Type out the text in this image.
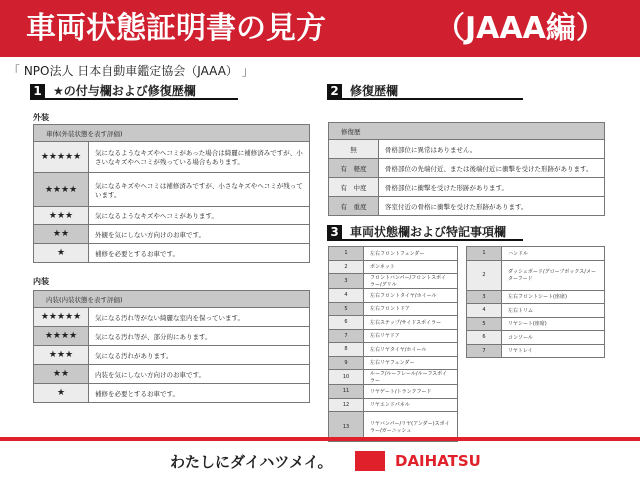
車両状態証明書の見方	（JAAA編）
「 NPO法人 日本自動車鑑定協会（JAAA） 」
1 ★の付与欄および修復歴欄	2 修復歴欄
3 車両状態欄および特記事項欄
外装
車体(外装状態を表す評価)	
★★★★★	気になるようなキズやヘコミがあった場合は綺麗に補修済みですが、小さいなキズやヘコミが残っている場合もあります。
★★★★	気になるキズやヘコミは補修済みですが、小さなキズやヘコミが残っています。
★★★	気になるようなキズやヘコミがあります。
★★	外観を気にしない方向けのお車です。
★	補修を必要とするお車です。
内装
内装(内装状態を表す評価)	
★★★★★	気になる汚れ等がない綺麗な室内を保っています。
★★★★	気になる汚れ等が、部分的にあります。
★★★	気になる汚れがあります。
★★	内装を気にしない方向けのお車です。
★	補修を必要とするお車です。
修復歴	
無	骨格部位に異常はありません。
有　軽度	骨格部位の先端付近、または後端付近に衝撃を受けた形跡があります。
有　中度	骨格部位に衝撃を受けた形跡があります。
有　重度	客室付近の骨格に衝撃を受けた形跡があります。
1	左右フロントフェンダー
2	ボンネット
3	フロントバンパー/フロントスポイラー/グリル
4	左右フロントタイヤ/ホイール
5	左右フロントドア
6	左右ステップ/サイドスポイラー
7	左右リヤドア
8	左右リヤタイヤ/ホイール
9	左右リヤフェンダー
10	ルーフ/ルーフレール/ルーフスポイラー
11	リヤゲート/トランクフード
12	リヤエンドパネル
13	リヤバンパー/リヤ(アンダー)スポイラー/ガーニッシュ
1	ハンドル
2	ダッシュボード/グローブボックス/メーターフード
3	左右フロントシート(座席)
4	左右トリム
5	リヤシート(座席)
6	コンソール
7	リヤトレイ
わたしにダイハツメイ。	DAIHATSU
